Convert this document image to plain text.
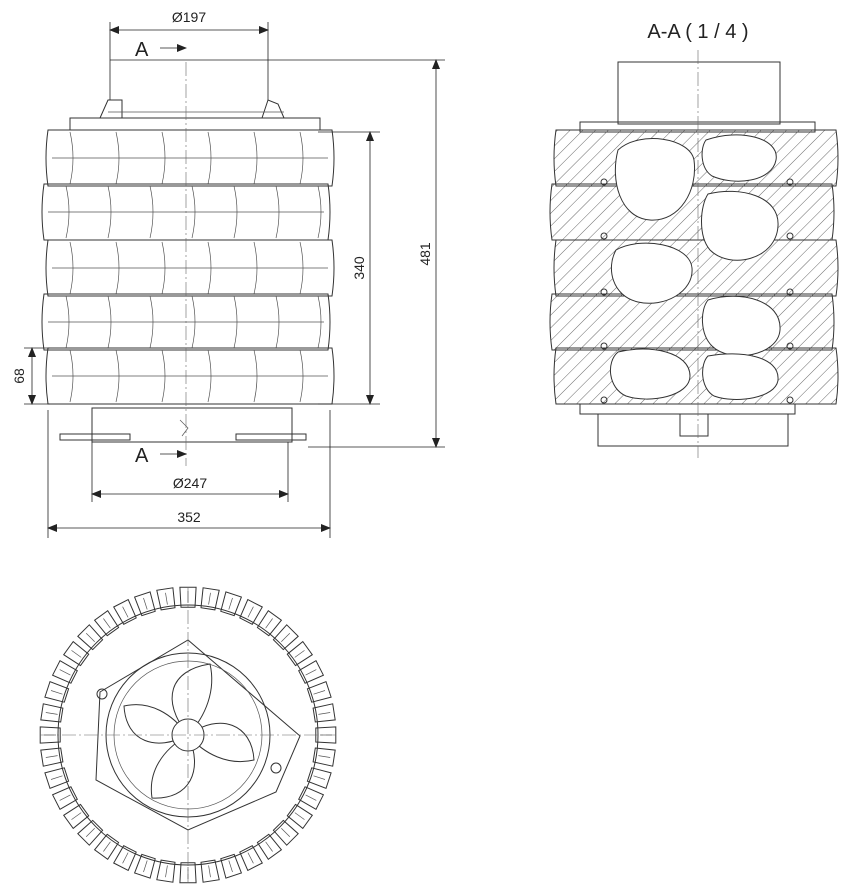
A
A
Ø197
481
340
68
Ø247
352
A-A ( 1 / 4 )
